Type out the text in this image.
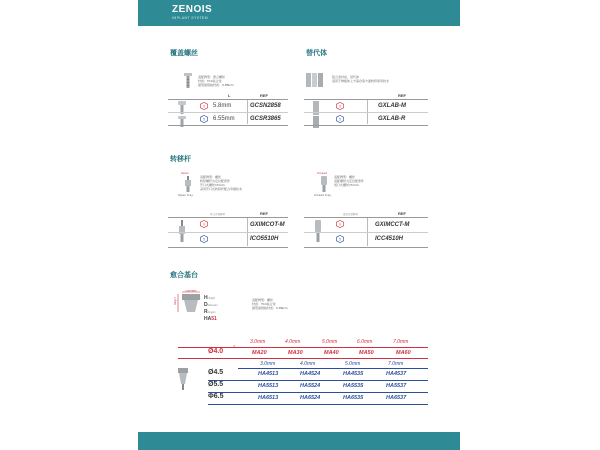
ZENOIS
IMPLANT SYSTEM
覆盖螺丝
适配牌型：愈合螺丝
材质：TC4钛合金
最低值规格材质：0.8Ncm
L	REF
3 5.8mm	GCSN2858
5 6.55mm	GCSR3865
替代体
铝合金材质，替代体
适用于种植体上方基台等方面转移使用技术
REF
3	GXLAB-M
5	GXLAB-R
转移杆
Open
Open tray
适配牌型：螺丝
转移螺杆为定位配套件
开口式螺丝15mm
采用开口式转移杆配合印模技术
开口式转移杆	REF
3	GXIMCOT-M
5	ICO5510H
Closed
Closed tray
适配牌型：螺丝
适配螺丝为定位配套件
闭口式螺丝15mm
闭合式转移杆	REF
3	GXIMCCT-M
5	ICC4510H
愈合基台
Diameter
Height	HHeight
DDiameter
RRegion
HA51
适配牌型：螺丝
材质：TC4钛合金
最低值规格材质：0.8Ncm
3.0mm	4.0mm	5.0mm	6.0mm	7.0mm
高
Ø4.0	MA20	MA30	MA40	MA50	MA60
3.0mm	4.0mm	5.0mm	7.0mm
Ø4.5	HA4513	HA4524	HA4535	HA4537
Ø5.5	HA5513	HA5524	HA5535	HA5537
Φ6.5	HA6513	HA6524	HA6535	HA6537
